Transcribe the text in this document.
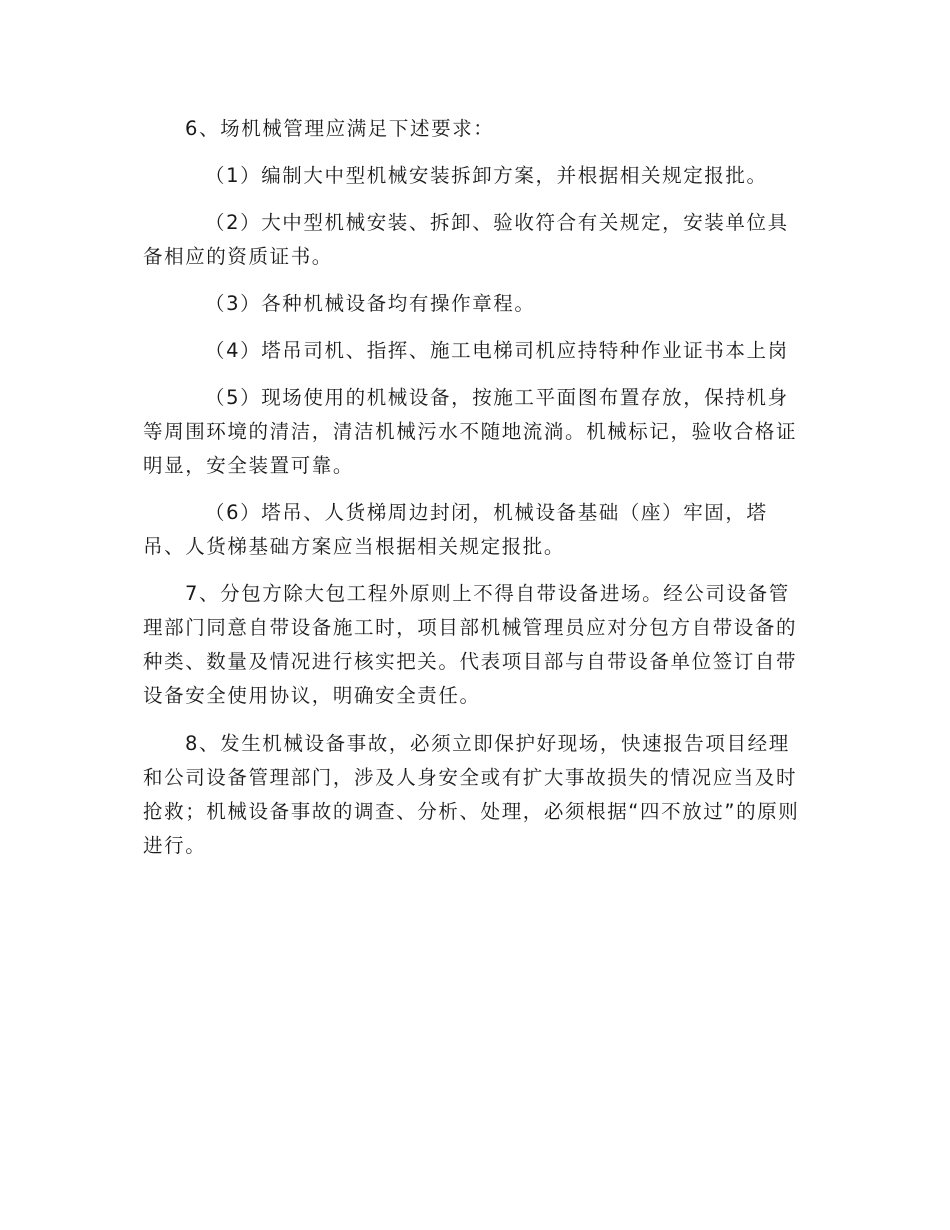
6、场机械管理应满足下述要求：

（1）编制大中型机械安装拆卸方案，并根据相关规定报批。

（2）大中型机械安装、拆卸、验收符合有关规定，安装单位具备相应的资质证书。

（3）各种机械设备均有操作章程。

（4）塔吊司机、指挥、施工电梯司机应持特种作业证书本上岗

（5）现场使用的机械设备，按施工平面图布置存放，保持机身等周围环境的清洁，清洁机械污水不随地流淌。机械标记，验收合格证明显，安全装置可靠。

（6）塔吊、人货梯周边封闭，机械设备基础（座）牢固，塔吊、人货梯基础方案应当根据相关规定报批。

7、分包方除大包工程外原则上不得自带设备进场。经公司设备管理部门同意自带设备施工时，项目部机械管理员应对分包方自带设备的种类、数量及情况进行核实把关。代表项目部与自带设备单位签订自带设备安全使用协议，明确安全责任。

8、发生机械设备事故，必须立即保护好现场，快速报告项目经理和公司设备管理部门，涉及人身安全或有扩大事故损失的情况应当及时抢救；机械设备事故的调查、分析、处理，必须根据“四不放过”的原则进行。
